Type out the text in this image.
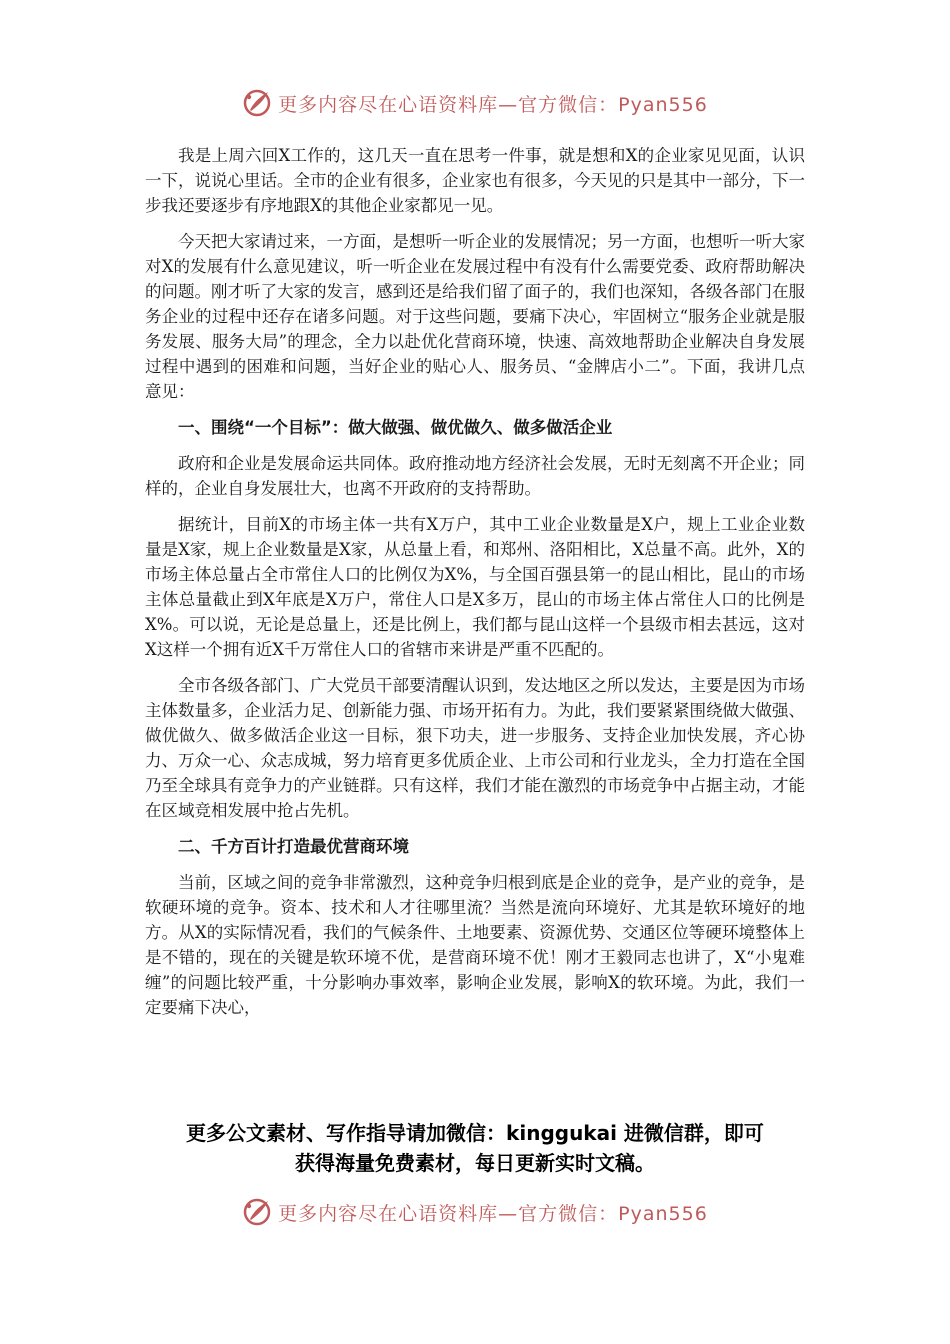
更多内容尽在心语资料库—官方微信：Pyan556

我是上周六回X工作的，这几天一直在思考一件事，就是想和X的企业家见见面，认识一下，说说心里话。全市的企业有很多，企业家也有很多，今天见的只是其中一部分，下一步我还要逐步有序地跟X的其他企业家都见一见。

今天把大家请过来，一方面，是想听一听企业的发展情况；另一方面，也想听一听大家对X的发展有什么意见建议，听一听企业在发展过程中有没有什么需要党委、政府帮助解决的问题。刚才听了大家的发言，感到还是给我们留了面子的，我们也深知，各级各部门在服务企业的过程中还存在诸多问题。对于这些问题，要痛下决心，牢固树立“服务企业就是服务发展、服务大局”的理念，全力以赴优化营商环境，快速、高效地帮助企业解决自身发展过程中遇到的困难和问题，当好企业的贴心人、服务员、“金牌店小二”。下面，我讲几点意见：

一、围绕“一个目标”：做大做强、做优做久、做多做活企业

政府和企业是发展命运共同体。政府推动地方经济社会发展，无时无刻离不开企业；同样的，企业自身发展壮大，也离不开政府的支持帮助。

据统计，目前X的市场主体一共有X万户，其中工业企业数量是X户，规上工业企业数量是X家，规上企业数量是X家，从总量上看，和郑州、洛阳相比，X总量不高。此外，X的市场主体总量占全市常住人口的比例仅为X%，与全国百强县第一的昆山相比，昆山的市场主体总量截止到X年底是X万户，常住人口是X多万，昆山的市场主体占常住人口的比例是X%。可以说，无论是总量上，还是比例上，我们都与昆山这样一个县级市相去甚远，这对X这样一个拥有近X千万常住人口的省辖市来讲是严重不匹配的。

全市各级各部门、广大党员干部要清醒认识到，发达地区之所以发达，主要是因为市场主体数量多，企业活力足、创新能力强、市场开拓有力。为此，我们要紧紧围绕做大做强、做优做久、做多做活企业这一目标，狠下功夫，进一步服务、支持企业加快发展，齐心协力、万众一心、众志成城，努力培育更多优质企业、上市公司和行业龙头，全力打造在全国乃至全球具有竞争力的产业链群。只有这样，我们才能在激烈的市场竞争中占据主动，才能在区域竞相发展中抢占先机。

二、千方百计打造最优营商环境

当前，区域之间的竞争非常激烈，这种竞争归根到底是企业的竞争，是产业的竞争，是软硬环境的竞争。资本、技术和人才往哪里流？当然是流向环境好、尤其是软环境好的地方。从X的实际情况看，我们的气候条件、土地要素、资源优势、交通区位等硬环境整体上是不错的，现在的关键是软环境不优，是营商环境不优！刚才王毅同志也讲了，X“小鬼难缠”的问题比较严重，十分影响办事效率，影响企业发展，影响X的软环境。为此，我们一定要痛下决心，

更多公文素材、写作指导请加微信：kinggukai 进微信群，即可
获得海量免费素材，每日更新实时文稿。
更多内容尽在心语资料库—官方微信：Pyan556
